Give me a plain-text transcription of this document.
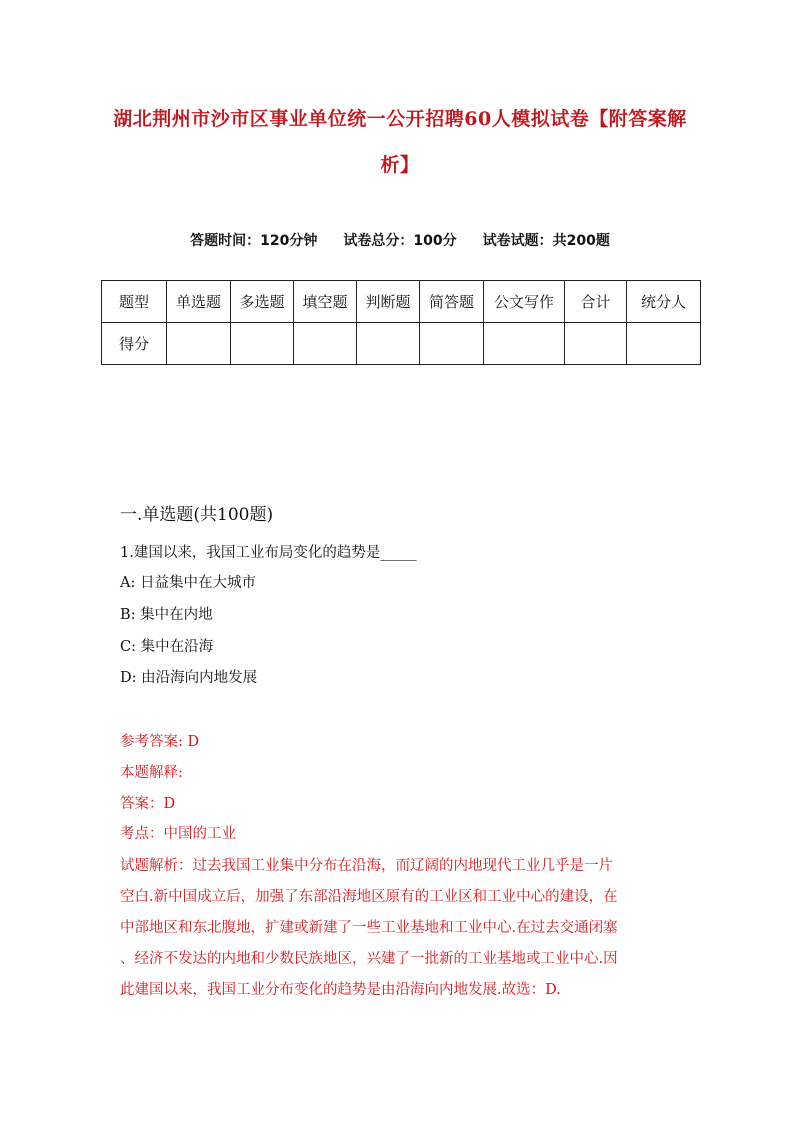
湖北荆州市沙市区事业单位统一公开招聘60人模拟试卷【附答案解
析】
答题时间：120分钟 试卷总分：100分 试卷试题：共200题
题型	单选题	多选题	填空题	判断题	简答题	公文写作	合计	统分人
得分								
一.单选题(共100题)
1.建国以来，我国工业布局变化的趋势是_____
A: 日益集中在大城市
B: 集中在内地
C: 集中在沿海
D: 由沿海向内地发展
参考答案: D
本题解释:
答案：D
考点：中国的工业
试题解析：过去我国工业集中分布在沿海，而辽阔的内地现代工业几乎是一片
空白.新中国成立后，加强了东部沿海地区原有的工业区和工业中心的建设，在
中部地区和东北腹地，扩建或新建了一些工业基地和工业中心.在过去交通闭塞
、经济不发达的内地和少数民族地区，兴建了一批新的工业基地或工业中心.因
此建国以来，我国工业分布变化的趋势是由沿海向内地发展.故选：D.
